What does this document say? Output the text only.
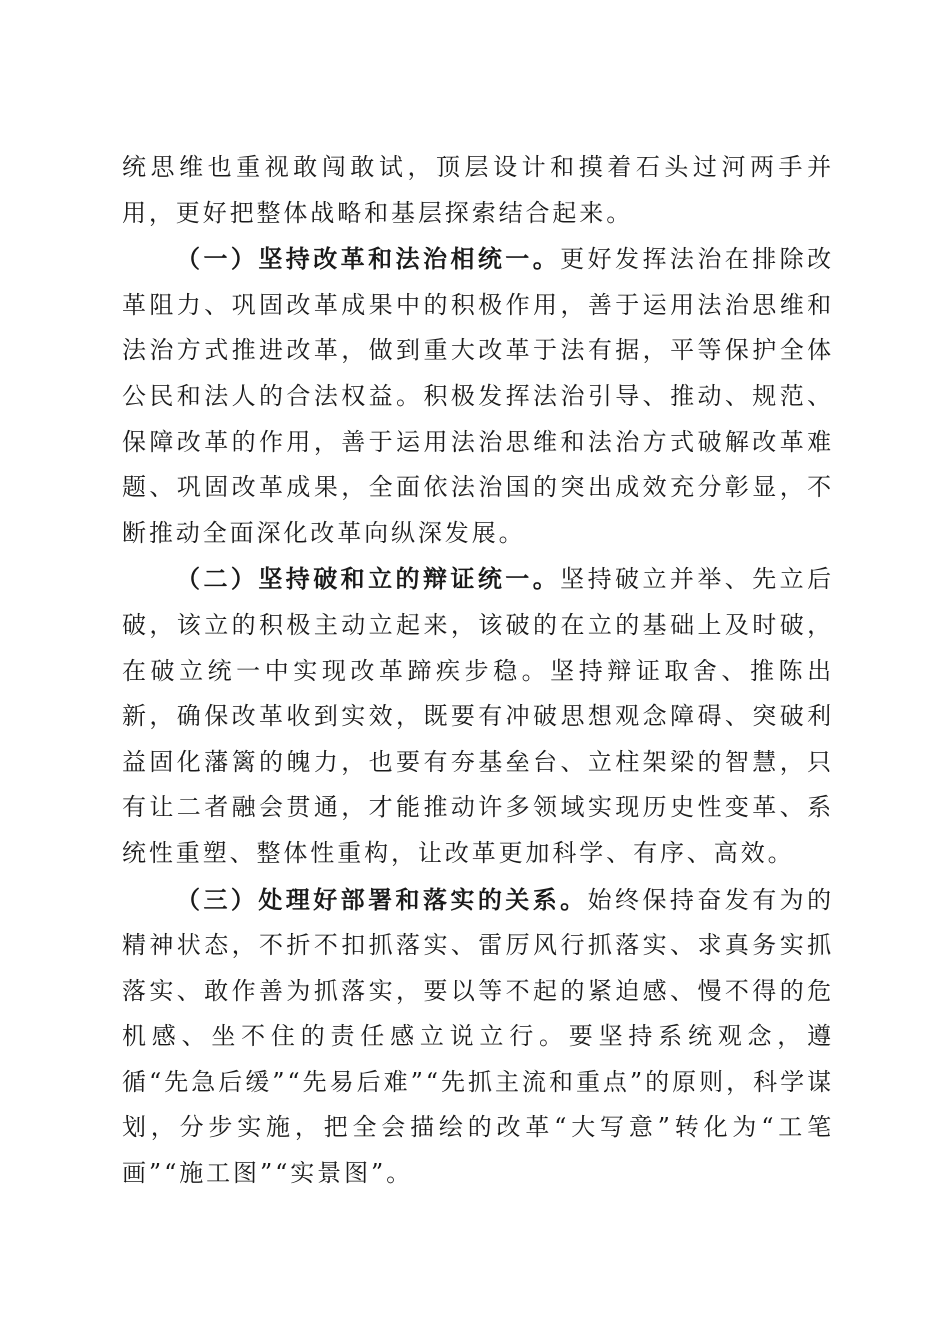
统思维也重视敢闯敢试，顶层设计和摸着石头过河两手并用，更好把整体战略和基层探索结合起来。

（一）坚持改革和法治相统一。更好发挥法治在排除改革阻力、巩固改革成果中的积极作用，善于运用法治思维和法治方式推进改革，做到重大改革于法有据，平等保护全体公民和法人的合法权益。积极发挥法治引导、推动、规范、保障改革的作用，善于运用法治思维和法治方式破解改革难题、巩固改革成果，全面依法治国的突出成效充分彰显，不断推动全面深化改革向纵深发展。

（二）坚持破和立的辩证统一。坚持破立并举、先立后破，该立的积极主动立起来，该破的在立的基础上及时破，在破立统一中实现改革蹄疾步稳。坚持辩证取舍、推陈出新，确保改革收到实效，既要有冲破思想观念障碍、突破利益固化藩篱的魄力，也要有夯基垒台、立柱架梁的智慧，只有让二者融会贯通，才能推动许多领域实现历史性变革、系统性重塑、整体性重构，让改革更加科学、有序、高效。

（三）处理好部署和落实的关系。始终保持奋发有为的精神状态，不折不扣抓落实、雷厉风行抓落实、求真务实抓落实、敢作善为抓落实，要以等不起的紧迫感、慢不得的危机感、坐不住的责任感立说立行。要坚持系统观念，遵循“先急后缓”“先易后难”“先抓主流和重点”的原则，科学谋划，分步实施，把全会描绘的改革“大写意”转化为“工笔画”“施工图”“实景图”。
